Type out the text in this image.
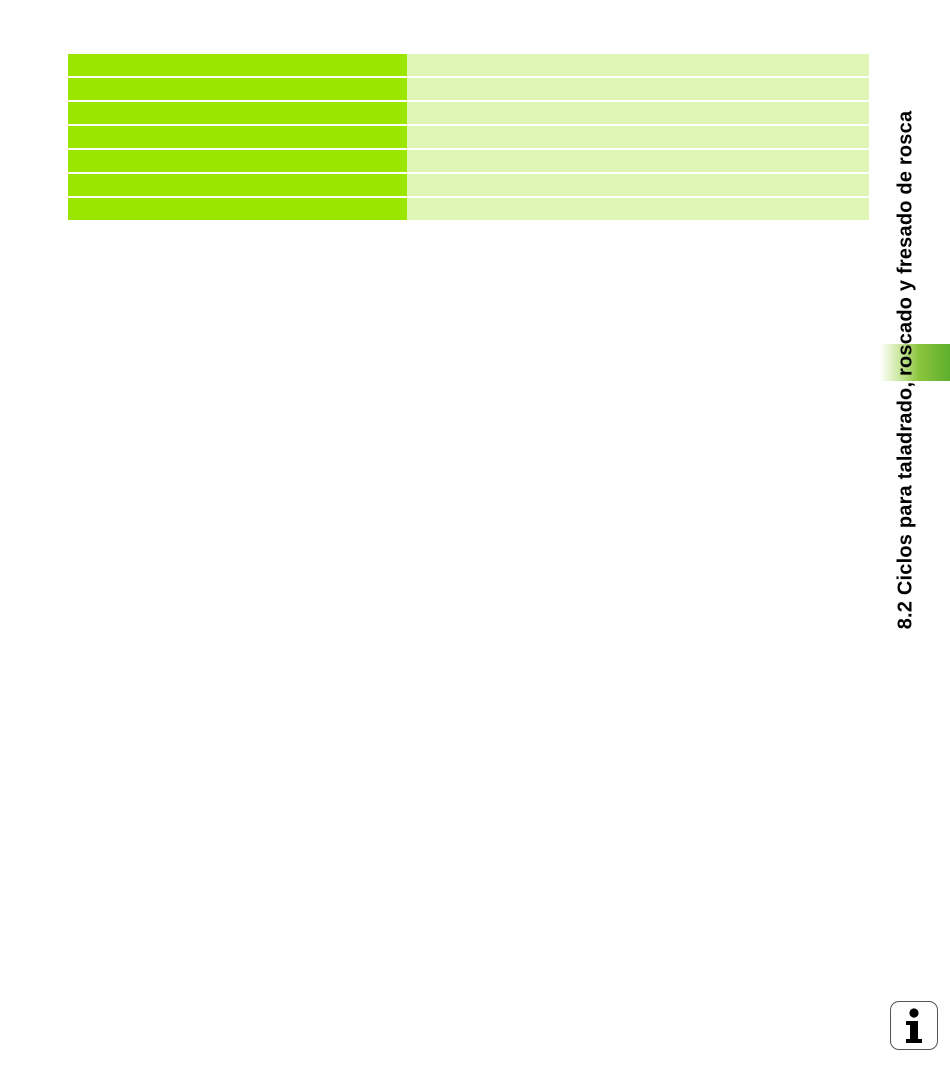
8.2 Ciclos para taladrado, roscado y fresado de rosca
